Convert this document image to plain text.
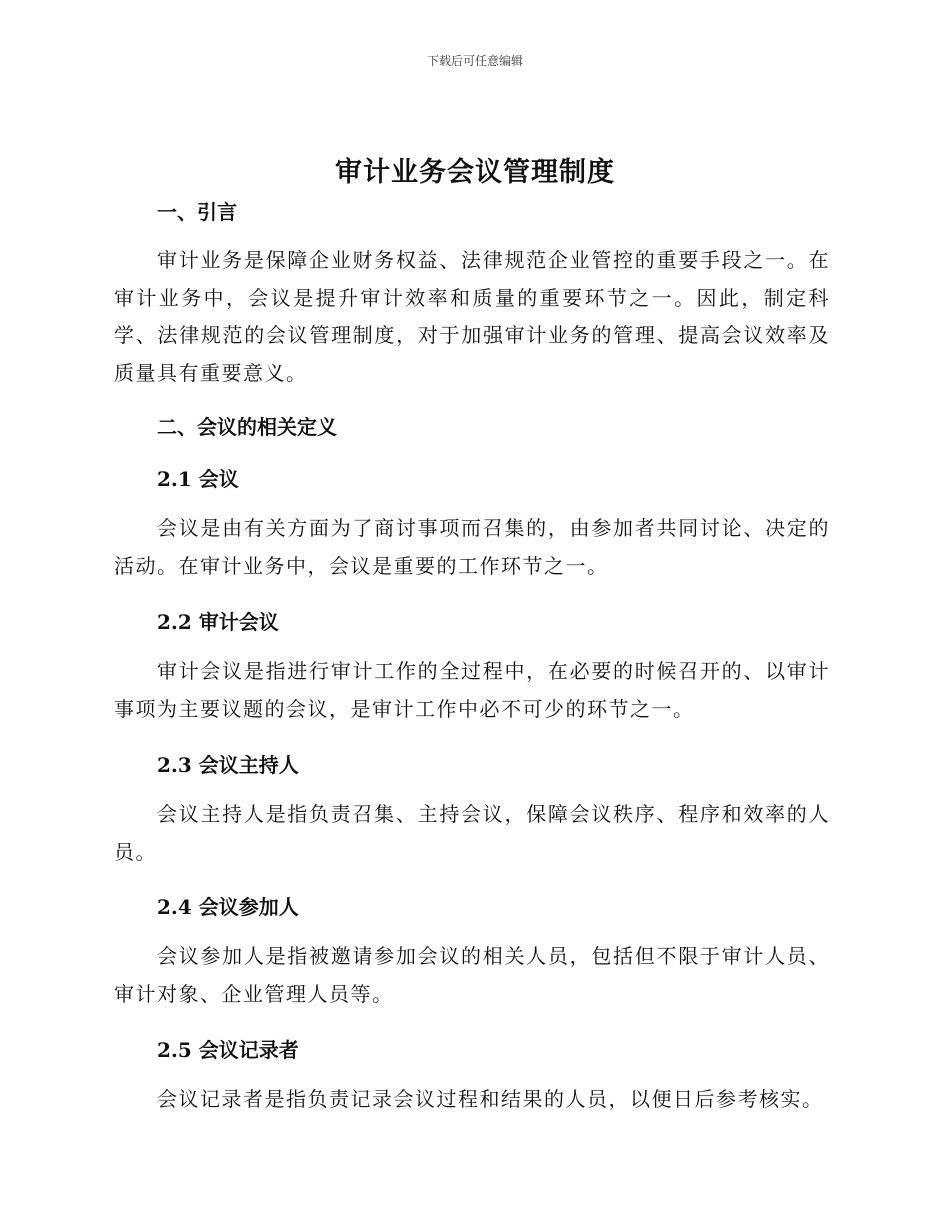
下载后可任意编辑
审计业务会议管理制度
一、引言

审计业务是保障企业财务权益、法律规范企业管控的重要手段之一。在审计业务中，会议是提升审计效率和质量的重要环节之一。因此，制定科学、法律规范的会议管理制度，对于加强审计业务的管理、提高会议效率及质量具有重要意义。

二、会议的相关定义
2.1 会议

会议是由有关方面为了商讨事项而召集的，由参加者共同讨论、决定的活动。在审计业务中，会议是重要的工作环节之一。

2.2 审计会议

审计会议是指进行审计工作的全过程中，在必要的时候召开的、以审计事项为主要议题的会议，是审计工作中必不可少的环节之一。

2.3 会议主持人

会议主持人是指负责召集、主持会议，保障会议秩序、程序和效率的人员。

2.4 会议参加人

会议参加人是指被邀请参加会议的相关人员，包括但不限于审计人员、审计对象、企业管理人员等。

2.5 会议记录者

会议记录者是指负责记录会议过程和结果的人员，以便日后参考核实。
